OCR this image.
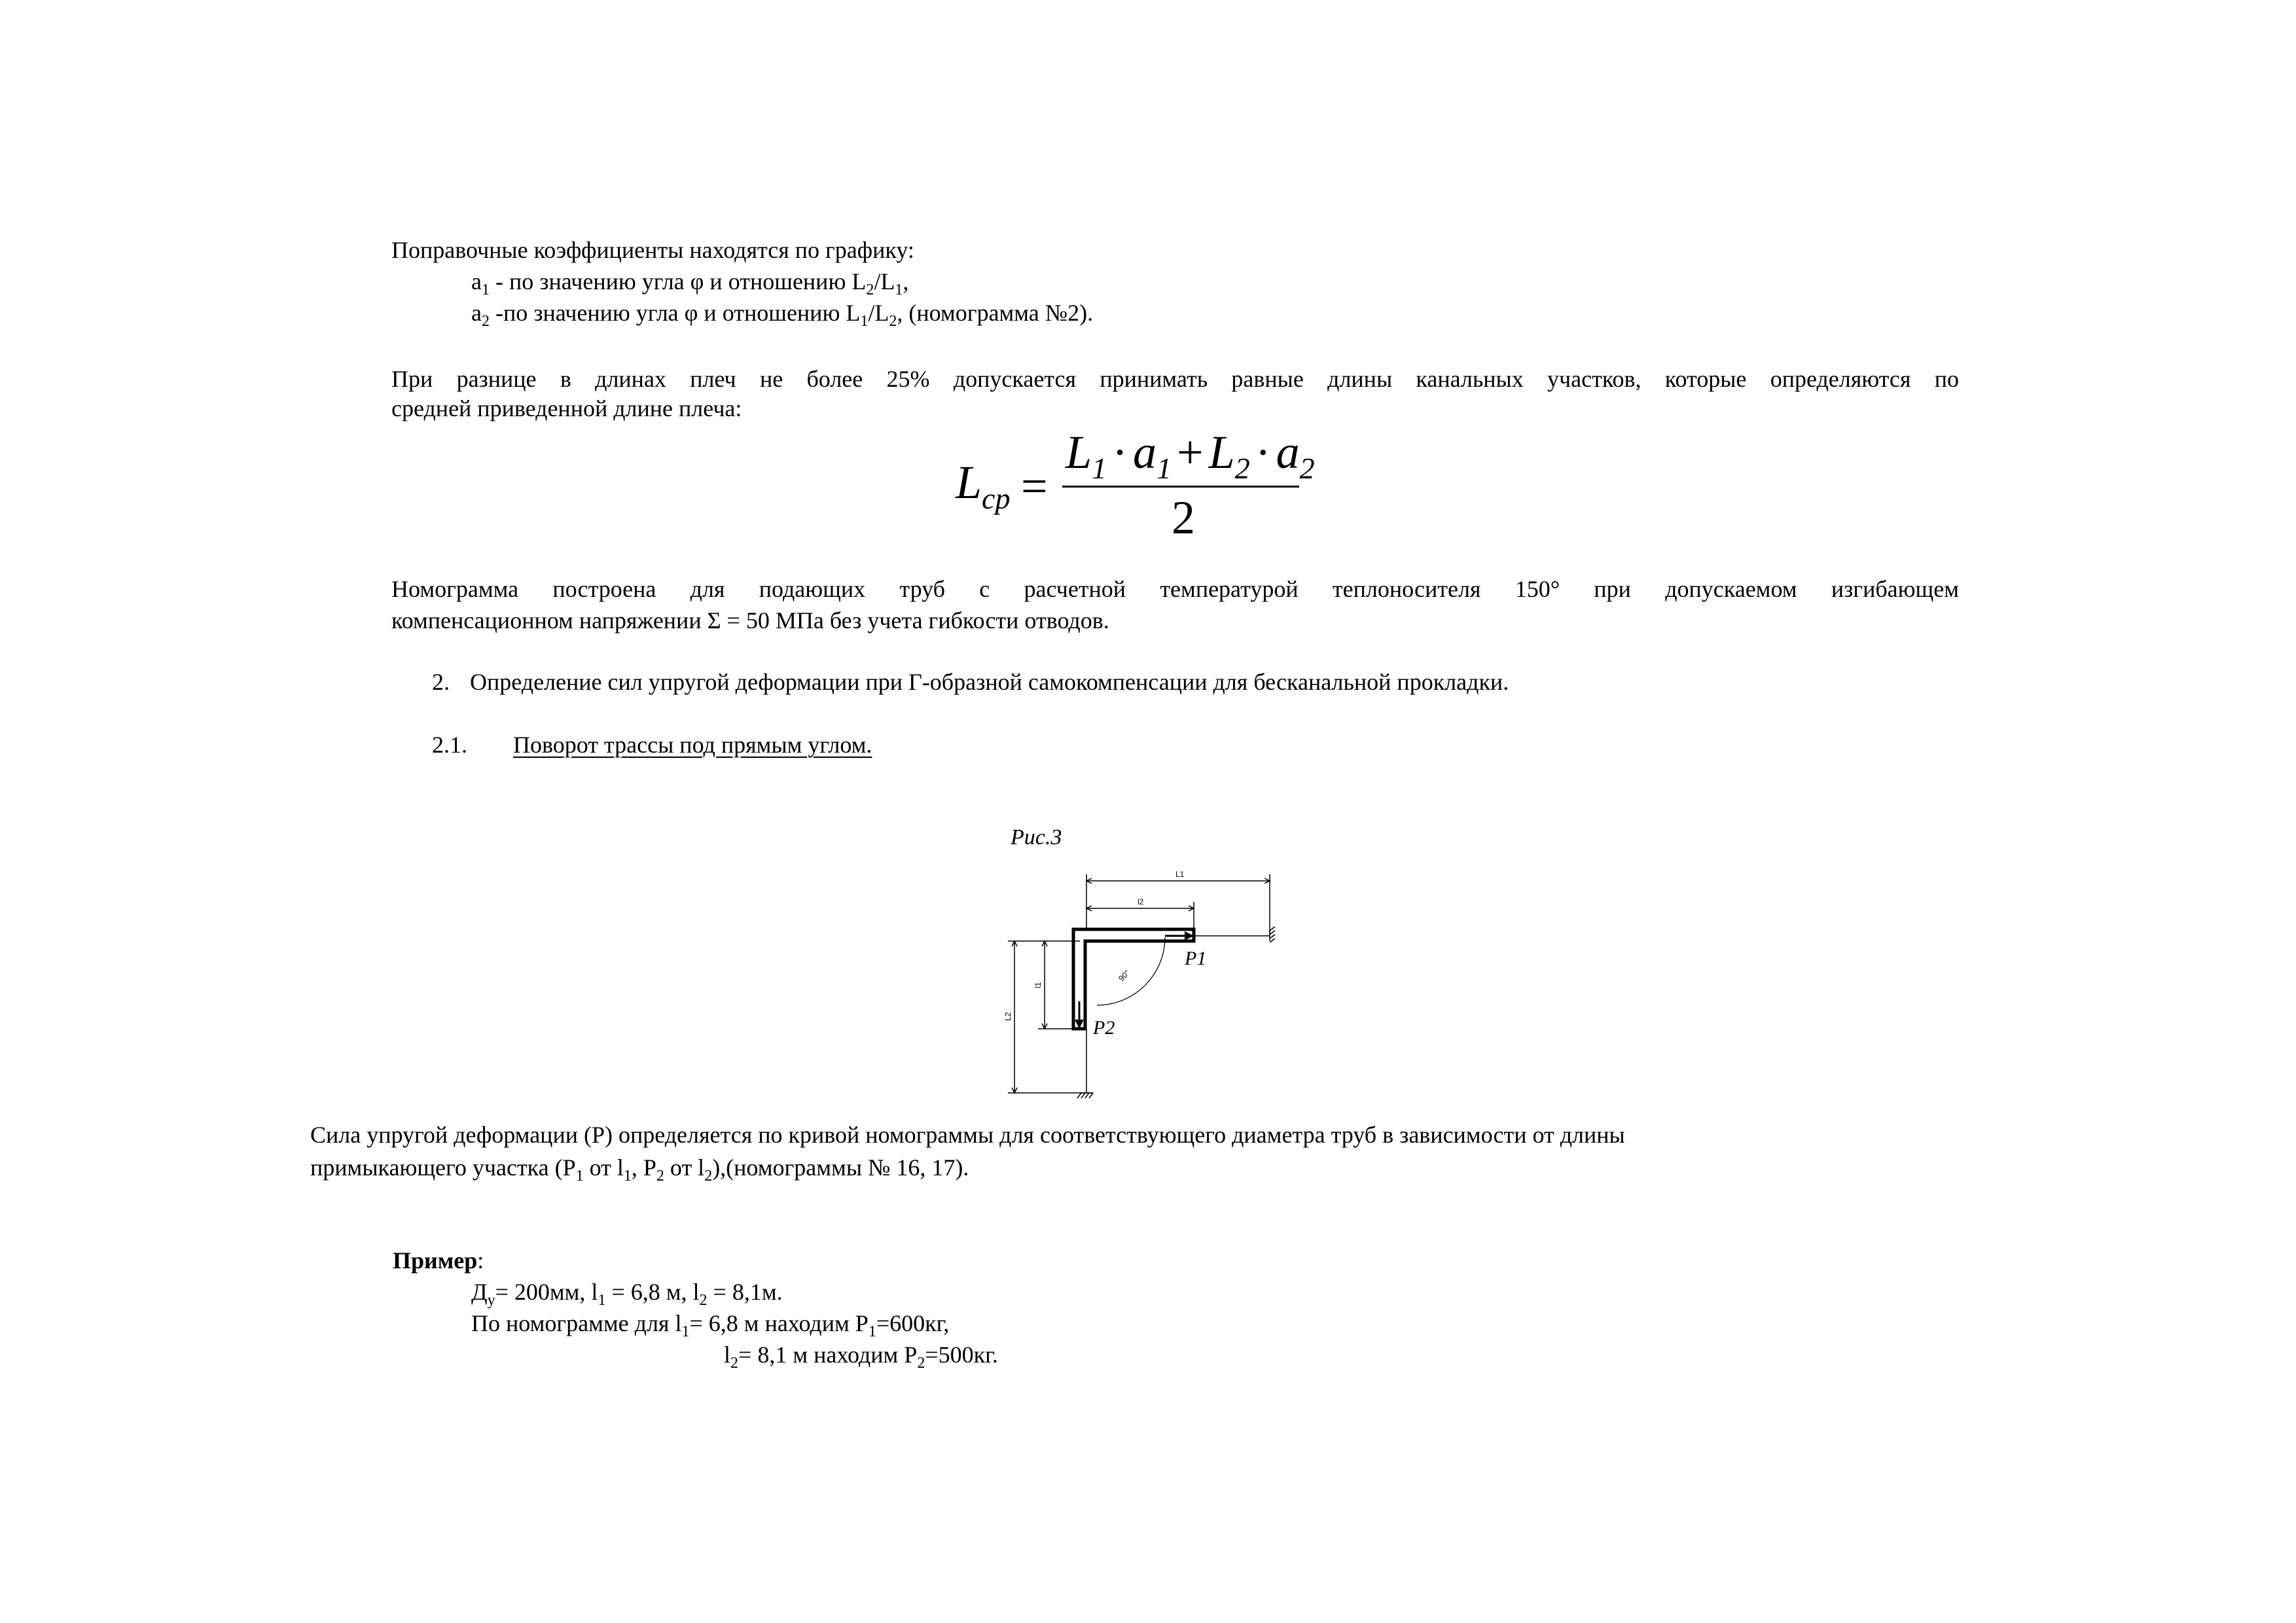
Поправочные коэффициенты находятся по графику:
$a_1$ - по значению угла φ и отношению $L_2/L_1$,
$a_2$ -по значению угла φ и отношению $L_1/L_2$, (номограмма №2).
При разнице в длинах плеч не более 25% допускается принимать равные длины канальных участков, которые определяются по
средней приведенной длине плеча:
$L_{cp}$ =
$L_1 \cdot a_1 + L_2 \cdot a_2$
2
Номограмма построена для подающих труб с расчетной температурой теплоносителя 150° при допускаемом изгибающем
компенсационном напряжении Σ = 50 МПа без учета гибкости отводов.
2. Определение сил упругой деформации при Г-образной самокомпенсации для бесканальной прокладки.
2.1. Поворот трассы под прямым углом.
Рис.3
L1
l2
l1
L2
90°
P1
P2
Сила упругой деформации (Р) определяется по кривой номограммы для соответствующего диаметра труб в зависимости от длины
примыкающего участка ($Р_1$ от $l_1$, $Р_2$ от $l_2),(номограммы$ № 16, 17).
Пример:
$Д_у= 200мм$, $l_1 = 6,8$ м, $l_2 = 8,1м$.
По номограмме для $l_1= 6,8$ м находим $Р_1=600кг$,
$l_2= 8,1$ м находим $Р_2=500кг$.
